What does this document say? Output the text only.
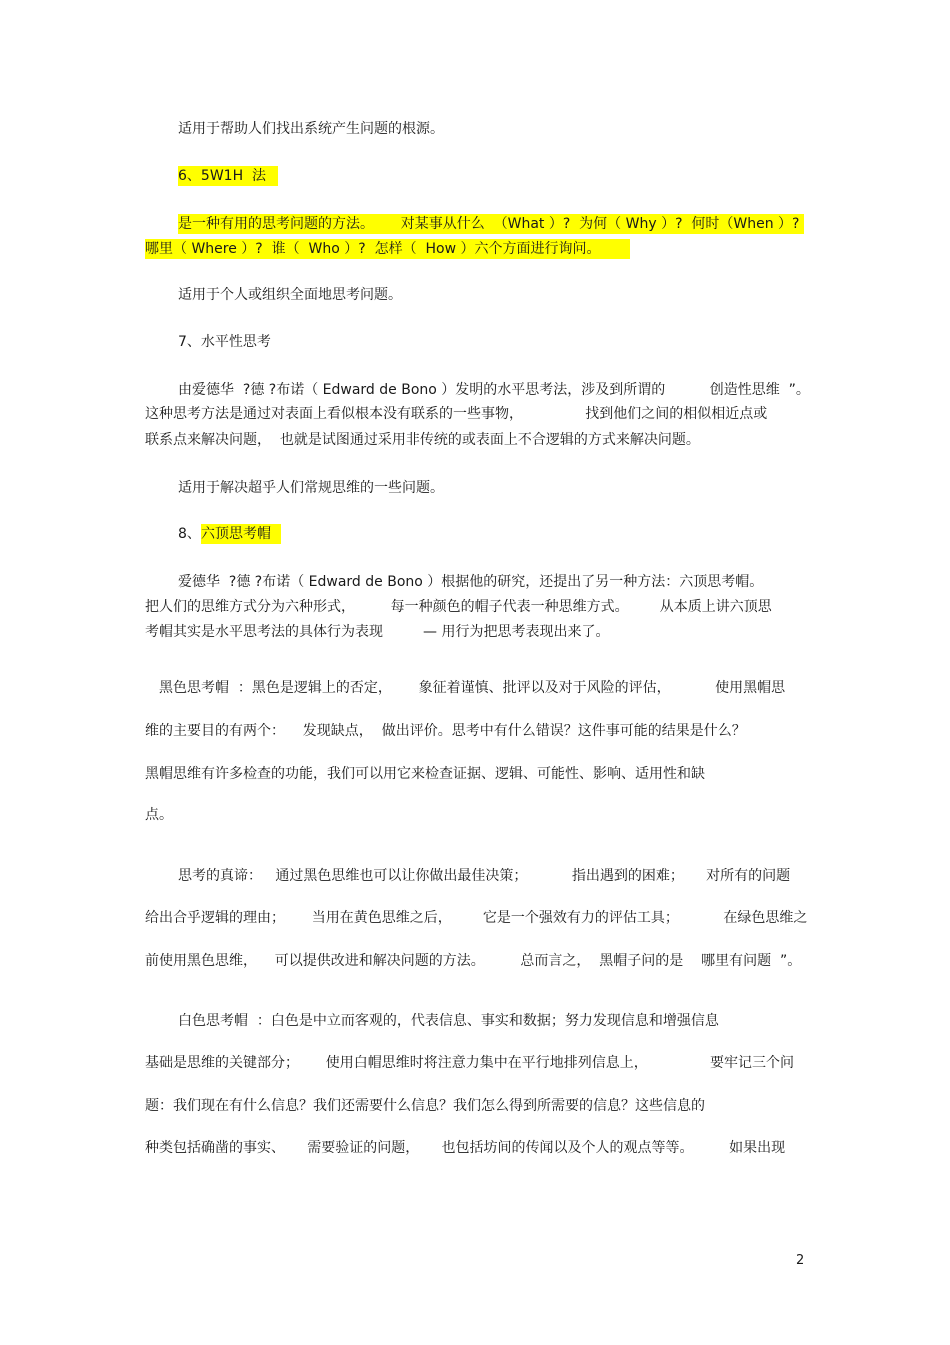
适用于帮助人们找出系统产生问题的根源。
6、5W1H  法
是一种有用的思考问题的方法。      对某事从什么  （What ）?  为何（ Why ）?  何时（When ）?
哪里（ Where ）?  谁（  Who ）?  怎样（  How ）六个方面进行询问。
适用于个人或组织全面地思考问题。
7、水平性思考
由爱德华  ?德 ?布诺（ Edward de Bono ）发明的水平思考法，涉及到所谓的          创造性思维  ”。
这种思考方法是通过对表面上看似根本没有联系的一些事物，              找到他们之间的相似相近点或
联系点来解决问题，  也就是试图通过采用非传统的或表面上不合逻辑的方式来解决问题。
适用于解决超乎人们常规思维的一些问题。
8、 六顶思考帽
爱德华  ?德 ?布诺（ Edward de Bono ）根据他的研究，还提出了另一种方法：六顶思考帽。
把人们的思维方式分为六种形式，        每一种颜色的帽子代表一种思维方式。       从本质上讲六顶思
考帽其实是水平思考法的具体行为表现         — 用行为把思考表现出来了。
黑色思考帽  ：黑色是逻辑上的否定，      象征着谨慎、批评以及对于风险的评估，          使用黑帽思
维的主要目的有两个：    发现缺点，  做出评价。思考中有什么错误？这件事可能的结果是什么？
黑帽思维有许多检查的功能，我们可以用它来检查证据、逻辑、可能性、影响、适用性和缺
点。
思考的真谛：   通过黑色思维也可以让你做出最佳决策；          指出遇到的困难；     对所有的问题
给出合乎逻辑的理由；      当用在黄色思维之后，       它是一个强效有力的评估工具；          在绿色思维之
前使用黑色思维，    可以提供改进和解决问题的方法。        总而言之，  黑帽子问的是    哪里有问题  ”。
白色思考帽  ：白色是中立而客观的，代表信息、事实和数据；努力发现信息和增强信息
基础是思维的关键部分；      使用白帽思维时将注意力集中在平行地排列信息上，              要牢记三个问
题：我们现在有什么信息？我们还需要什么信息？我们怎么得到所需要的信息？这些信息的
种类包括确凿的事实、     需要验证的问题，     也包括坊间的传闻以及个人的观点等等。        如果出现
2
